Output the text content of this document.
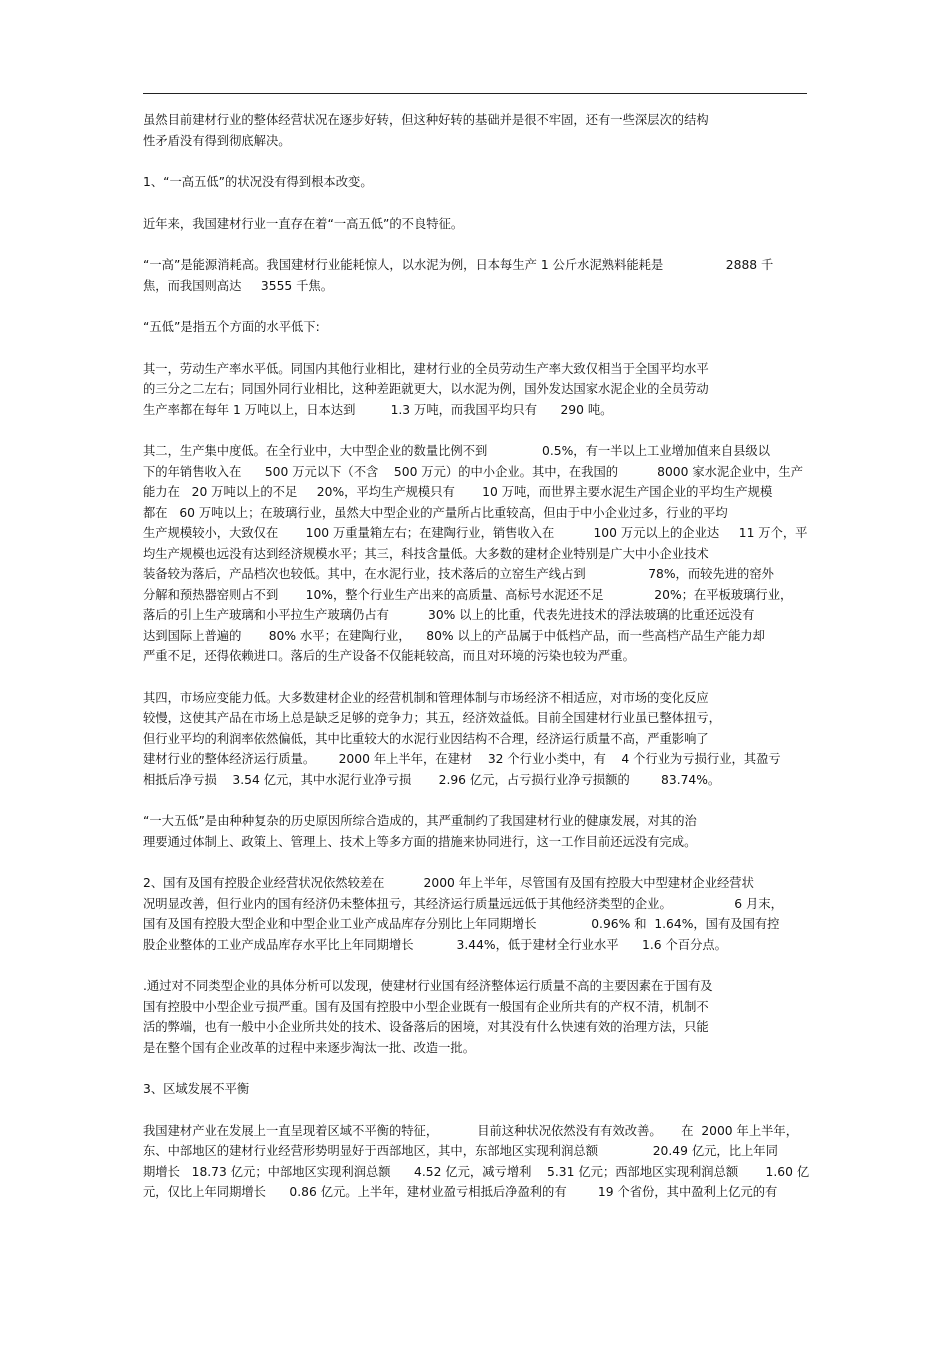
虽然目前建材行业的整体经营状况在逐步好转，但这种好转的基础并是很不牢固，还有一些深层次的结构
性矛盾没有得到彻底解决。
1、“一高五低”的状况没有得到根本改变。
近年来，我国建材行业一直存在着“一高五低”的不良特征。
“一高”是能源消耗高。我国建材行业能耗惊人，以水泥为例，日本每生产 1 公斤水泥熟料能耗是                2888 千
焦，而我国则高达     3555 千焦。
“五低”是指五个方面的水平低下:
其一，劳动生产率水平低。同国内其他行业相比，建材行业的全员劳动生产率大致仅相当于全国平均水平
的三分之二左右；同国外同行业相比，这种差距就更大，以水泥为例，国外发达国家水泥企业的全员劳动
生产率都在每年 1 万吨以上，日本达到         1.3 万吨，而我国平均只有      290 吨。
其二，生产集中度低。在全行业中，大中型企业的数量比例不到              0.5%，有一半以上工业增加值来自县级以
下的年销售收入在      500 万元以下（不含    500 万元）的中小企业。其中，在我国的          8000 家水泥企业中，生产
能力在   20 万吨以上的不足     20%，平均生产规模只有       10 万吨，而世界主要水泥生产国企业的平均生产规模
都在   60 万吨以上；在玻璃行业，虽然大中型企业的产量所占比重较高，但由于中小企业过多，行业的平均
生产规模较小，大致仅在       100 万重量箱左右；在建陶行业，销售收入在          100 万元以上的企业达     11 万个，平
均生产规模也远没有达到经济规模水平；其三，科技含量低。大多数的建材企业特别是广大中小企业技术
装备较为落后，产品档次也较低。其中，在水泥行业，技术落后的立窑生产线占到                78%，而较先进的窑外
分解和预热器窑则占不到       10%，整个行业生产出来的高质量、高标号水泥还不足             20%；在平板玻璃行业，
落后的引上生产玻璃和小平拉生产玻璃仍占有          30% 以上的比重，代表先进技术的浮法玻璃的比重还远没有
达到国际上普遍的       80% 水平；在建陶行业，    80% 以上的产品属于中低档产品，而一些高档产品生产能力却
严重不足，还得依赖进口。落后的生产设备不仅能耗较高，而且对环境的污染也较为严重。
其四，市场应变能力低。大多数建材企业的经营机制和管理体制与市场经济不相适应，对市场的变化反应
较慢，这使其产品在市场上总是缺乏足够的竞争力；其五，经济效益低。目前全国建材行业虽已整体扭亏，
但行业平均的利润率依然偏低，其中比重较大的水泥行业因结构不合理，经济运行质量不高，严重影响了
建材行业的整体经济运行质量。      2000 年上半年，在建材    32 个行业小类中，有    4 个行业为亏损行业，其盈亏
相抵后净亏损    3.54 亿元，其中水泥行业净亏损       2.96 亿元，占亏损行业净亏损额的        83.74%。
“一大五低”是由种种复杂的历史原因所综合造成的，其严重制约了我国建材行业的健康发展，对其的治
理要通过体制上、政策上、管理上、技术上等多方面的措施来协同进行，这一工作目前还远没有完成。
2、国有及国有控股企业经营状况依然较差在          2000 年上半年，尽管国有及国有控股大中型建材企业经营状
况明显改善，但行业内的国有经济仍未整体扭亏，其经济运行质量远远低于其他经济类型的企业。                6 月末，
国有及国有控股大型企业和中型企业工业产成品库存分别比上年同期增长              0.96% 和  1.64%，国有及国有控
股企业整体的工业产成品库存水平比上年同期增长           3.44%，低于建材全行业水平      1.6 个百分点。
.通过对不同类型企业的具体分析可以发现，使建材行业国有经济整体运行质量不高的主要因素在于国有及
国有控股中小型企业亏损严重。国有及国有控股中小型企业既有一般国有企业所共有的产权不清，机制不
活的弊端，也有一般中小企业所共处的技术、设备落后的困境，对其没有什么快速有效的治理方法，只能
是在整个国有企业改革的过程中来逐步淘汰一批、改造一批。
3、区域发展不平衡
我国建材产业在发展上一直呈现着区域不平衡的特征，          目前这种状况依然没有有效改善。     在  2000 年上半年，
东、中部地区的建材行业经营形势明显好于西部地区，其中，东部地区实现利润总额              20.49 亿元，比上年同
期增长   18.73 亿元；中部地区实现利润总额      4.52 亿元，减亏增利    5.31 亿元；西部地区实现利润总额       1.60 亿
元，仅比上年同期增长      0.86 亿元。上半年，建材业盈亏相抵后净盈利的有        19 个省份，其中盈利上亿元的有
